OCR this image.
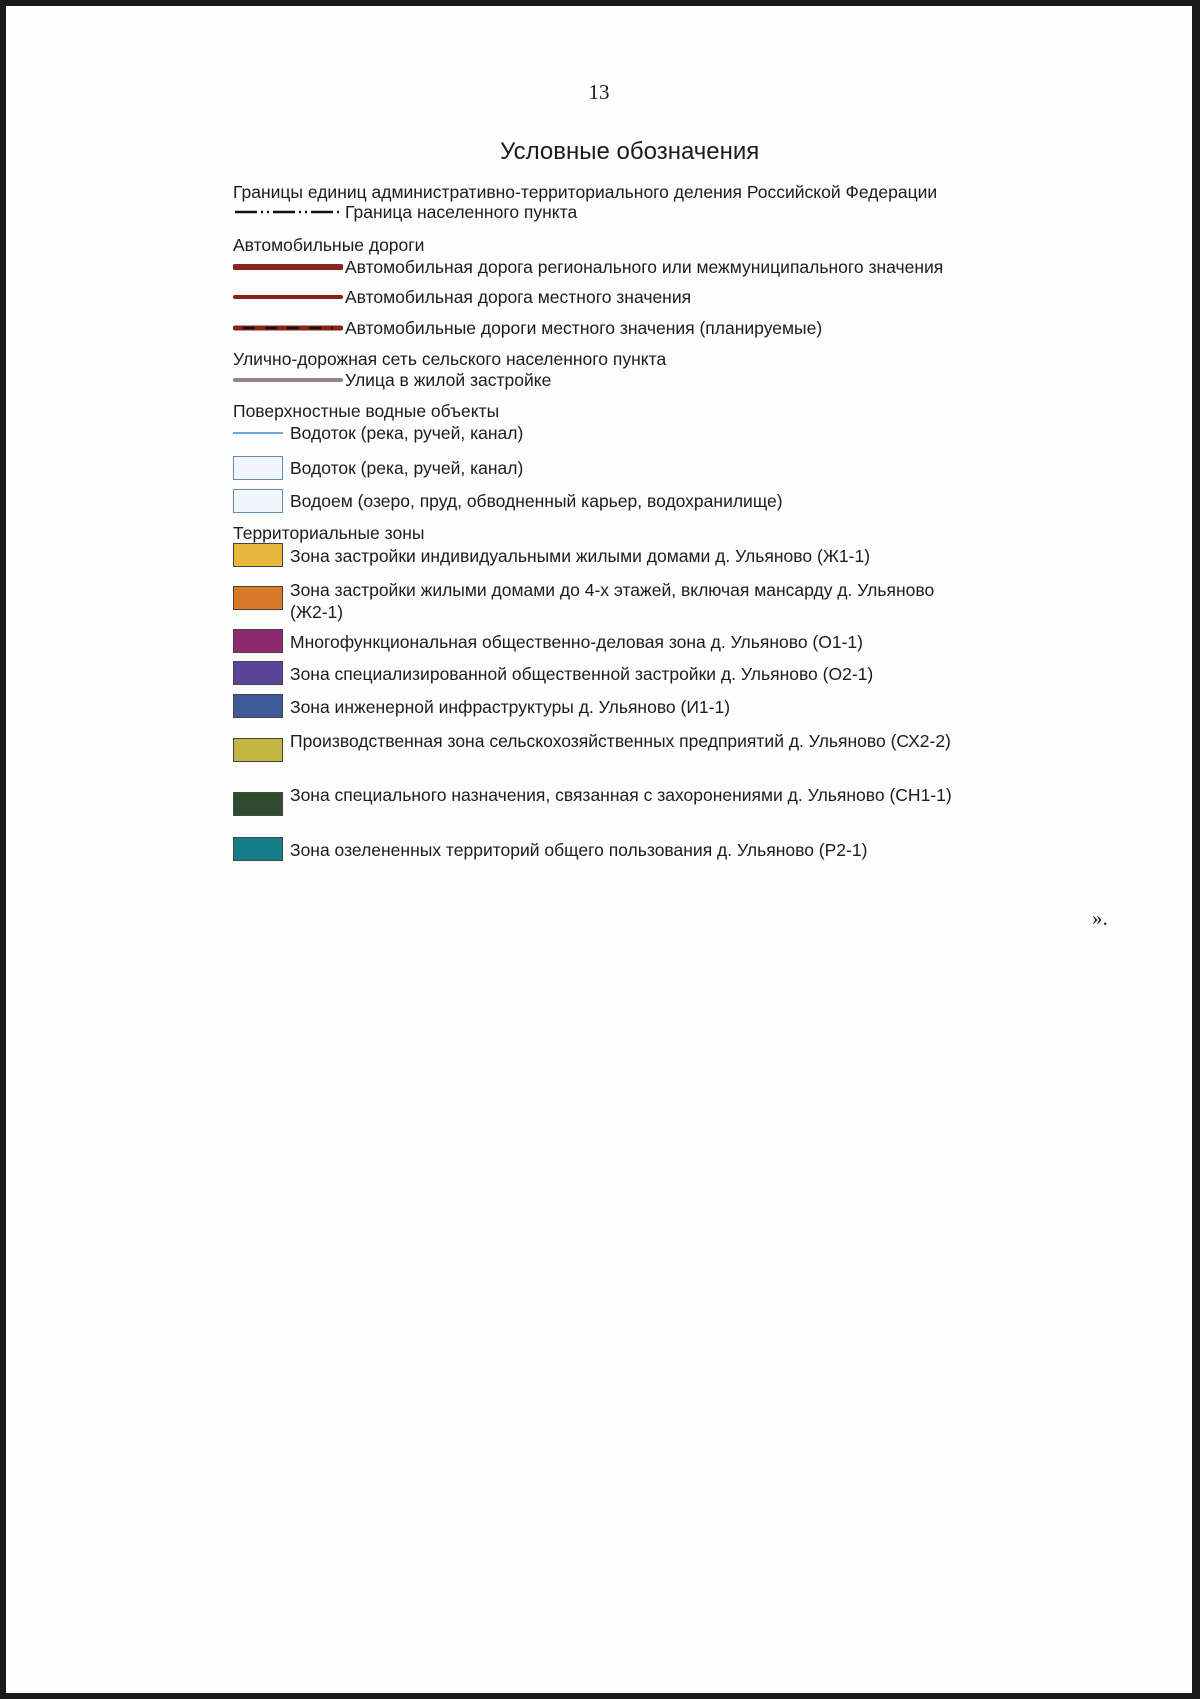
13
Условные обозначения
Границы единиц административно-территориального деления Российской Федерации
Граница населенного пункта
Автомобильные дороги
Автомобильная дорога регионального или межмуниципального значения
Автомобильная дорога местного значения
Автомобильные дороги местного значения (планируемые)
Улично-дорожная сеть сельского населенного пункта
Улица в жилой застройке
Поверхностные водные объекты
Водоток (река, ручей, канал)
Водоток (река, ручей, канал)
Водоем (озеро, пруд, обводненный карьер, водохранилище)
Территориальные зоны
Зона застройки индивидуальными жилыми домами д. Ульяново (Ж1-1)
Зона застройки жилыми домами до 4-х этажей, включая мансарду д. Ульяново (Ж2-1)
Многофункциональная общественно-деловая зона д. Ульяново (О1-1)
Зона специализированной общественной застройки д. Ульяново (О2-1)
Зона инженерной инфраструктуры д. Ульяново (И1-1)
Производственная зона сельскохозяйственных предприятий д. Ульяново (СХ2-2)
Зона специального назначения, связанная с захоронениями д. Ульяново (СН1-1)
Зона озелененных территорий общего пользования д. Ульяново (Р2-1)
».
